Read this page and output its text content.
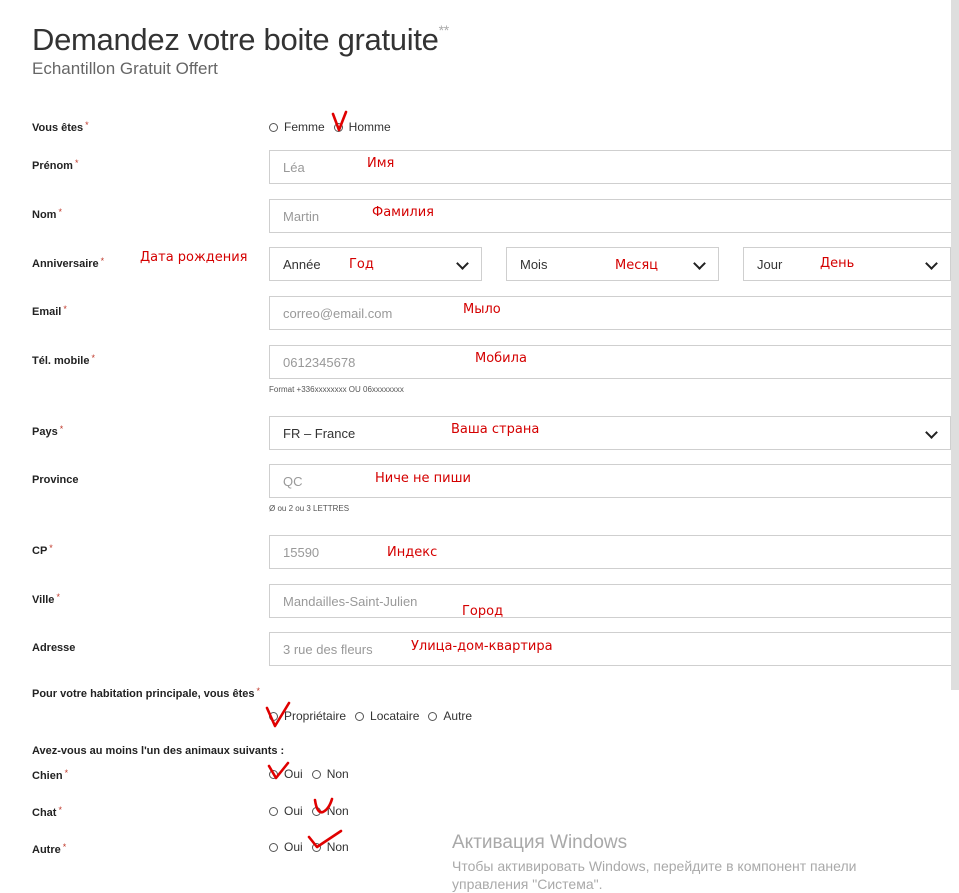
Demandez votre boite gratuite**
Echantillon Gratuit Offert
Vous êtes *	Femme Homme
Prénom *	Léa
Nom *	Martin
Anniversaire *	Année	Mois	Jour
Email *	correo@email.com
Tél. mobile *	0612345678
Format +336xxxxxxxx OU 06xxxxxxxx
Pays *	FR – France
Province	QC
Ø ou 2 ou 3 LETTRES
CP *	15590
Ville *	Mandailles-Saint-Julien
Adresse	3 rue des fleurs
Pour votre habitation principale, vous êtes *
Propriétaire Locataire Autre
Avez-vous au moins l'un des animaux suivants :
Chien *	Oui Non
Chat *	Oui Non
Autre *	Oui Non
Имя
Фамилия
Дата рождения	Год	Месяц	День
Мыло
Мобила
Ваша страна
Ниче не пиши
Индекс
Город
Улица-дом-квартира
Активация Windows
Чтобы активировать Windows, перейдите в компонент панели
управления "Система".
